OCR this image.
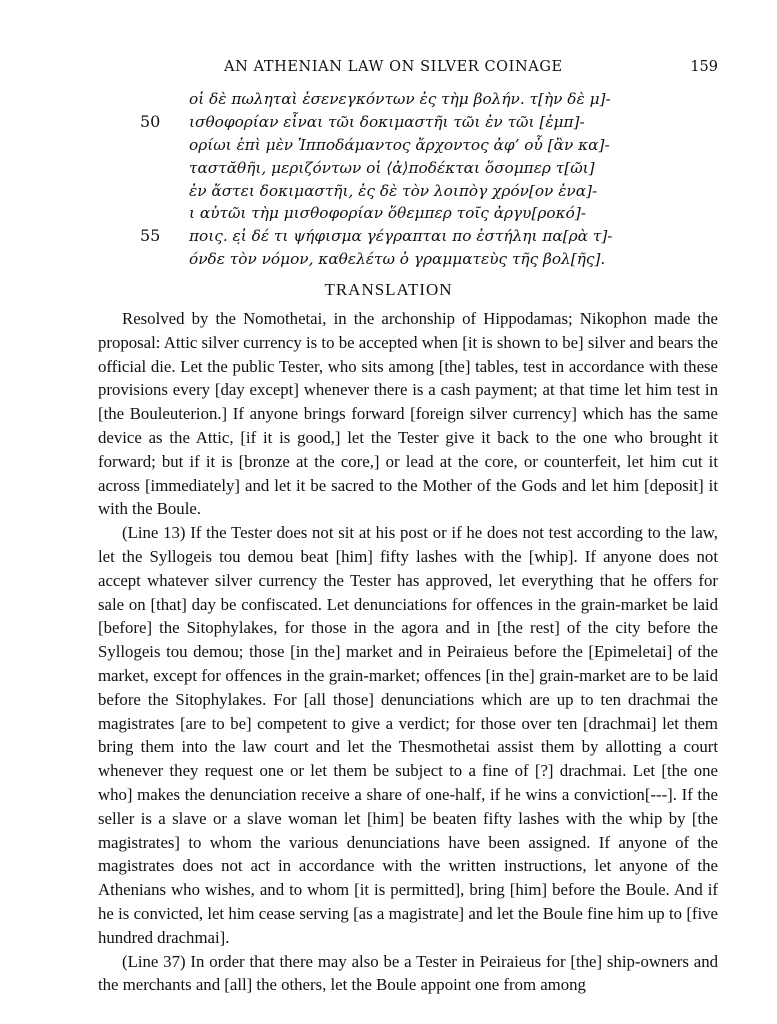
AN ATHENIAN LAW ON SILVER COINAGE	159
οἱ δὲ πωληταὶ ἐσενεγκόντων ἐς τὴμ βολήν. τ[ὴν δὲ μ]-
50 ισθοφορίαν εἶναι τῶι δοκιμαστῆι τῶι ἐν τῶι [ἐμπ]-
ορίωι ἐπὶ μὲν Ἱπποδάμαντος ἄρχοντος ἀφ’ οὗ [ἂν κα]-
ταστᾰθῆι, μεριζόντων οἱ ⟨ἀ⟩ποδέκται ὅσομπερ τ[ῶι]
ἐν ἄστει δοκιμαστῆι, ἐς δὲ τὸν λοιπὸγ χρόν[ον ἐνα]-
ι αὐτῶι τὴμ μισθοφορίαν ὅθεμπερ τοῖς ἀργυ[ροκό]-
55 ποις. ε̣ἰ δέ τι ψήφισμα γέγραπται πο ἐστήληι πα[ρὰ τ]-
όνδε τὸν νόμον, καθελέτω ὁ γραμματεὺς τῆς βολ[ῆς].
TRANSLATION

Resolved by the Nomothetai, in the archonship of Hippodamas; Nikophon made the proposal: Attic silver currency is to be accepted when [it is shown to be] silver and bears the official die. Let the public Tester, who sits among [the] tables, test in accordance with these provisions every [day except] whenever there is a cash payment; at that time let him test in [the Bouleuterion.] If anyone brings forward [foreign silver currency] which has the same device as the Attic, [if it is good,] let the Tester give it back to the one who brought it forward; but if it is [bronze at the core,] or lead at the core, or counterfeit, let him cut it across [immediately] and let it be sacred to the Mother of the Gods and let him [deposit] it with the Boule.

(Line 13) If the Tester does not sit at his post or if he does not test according to the law, let the Syllogeis tou demou beat [him] fifty lashes with the [whip]. If anyone does not accept whatever silver currency the Tester has approved, let everything that he offers for sale on [that] day be confiscated. Let denunciations for offences in the grain-market be laid [before] the Sitophylakes, for those in the agora and in [the rest] of the city before the Syllogeis tou demou; those [in the] market and in Peiraieus before the [Epimeletai] of the market, except for offences in the grain-market; offences [in the] grain-market are to be laid before the Sitophylakes. For [all those] denunciations which are up to ten drachmai the magistrates [are to be] competent to give a verdict; for those over ten [drachmai] let them bring them into the law court and let the Thesmothetai assist them by allotting a court whenever they request one or let them be subject to a fine of [?] drachmai. Let [the one who] makes the denunciation receive a share of one-half, if he wins a conviction[---]. If the seller is a slave or a slave woman let [him] be beaten fifty lashes with the whip by [the magistrates] to whom the various denunciations have been assigned. If anyone of the magistrates does not act in accordance with the written instructions, let anyone of the Athenians who wishes, and to whom [it is permitted], bring [him] before the Boule. And if he is convicted, let him cease serving [as a magistrate] and let the Boule fine him up to [five hundred drachmai].

(Line 37) In order that there may also be a Tester in Peiraieus for [the] ship-owners and the merchants and [all] the others, let the Boule appoint one from among
